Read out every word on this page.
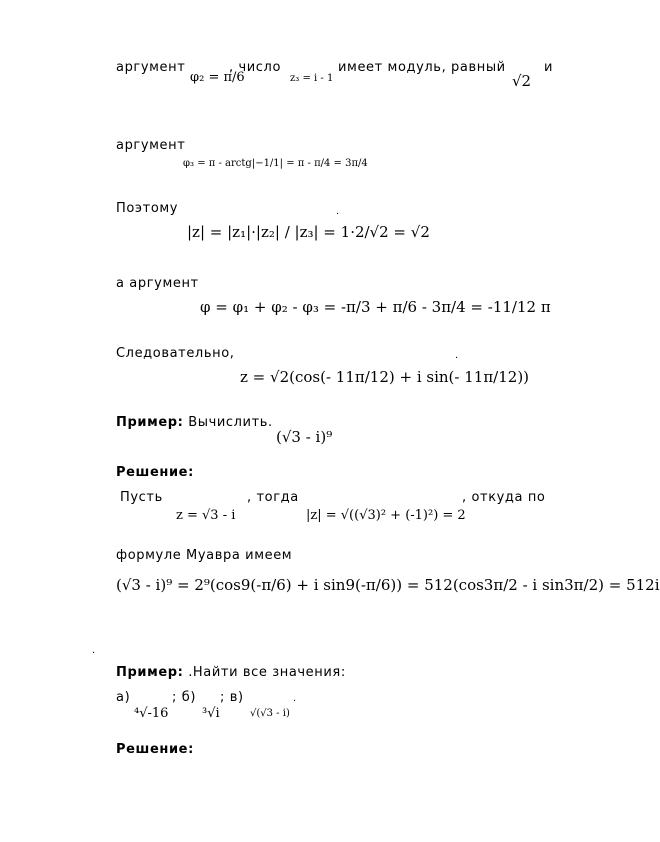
аргумент
φ₂ = π/6
, число
z₃ = i - 1
имеет модуль, равный
√2
и
аргумент
φ₃ = π - arctg|−1/1| = π - π/4 = 3π/4
Поэтому	.
|z| = |z₁|·|z₂| / |z₃| = 1·2/√2 = √2
а аргумент
φ = φ₁ + φ₂ - φ₃ = -π/3 + π/6 - 3π/4 = -11/12 π
Следовательно,	.
z = √2(cos(- 11π/12) + i sin(- 11π/12))
Пример: Вычислить.
(√3 - i)⁹
Решение:
Пусть
z = √3 - i
, тогда
|z| = √((√3)² + (-1)²) = 2
, откуда по
формуле Муавра имеем
(√3 - i)⁹ = 2⁹(cos9(-π/6) + i sin9(-π/6)) = 512(cos3π/2 - i sin3π/2) = 512i
.
Пример: .Найти все значения:
а)
⁴√-16
; б)
³√i
; в)
√(√3 - i)
.
Решение:
